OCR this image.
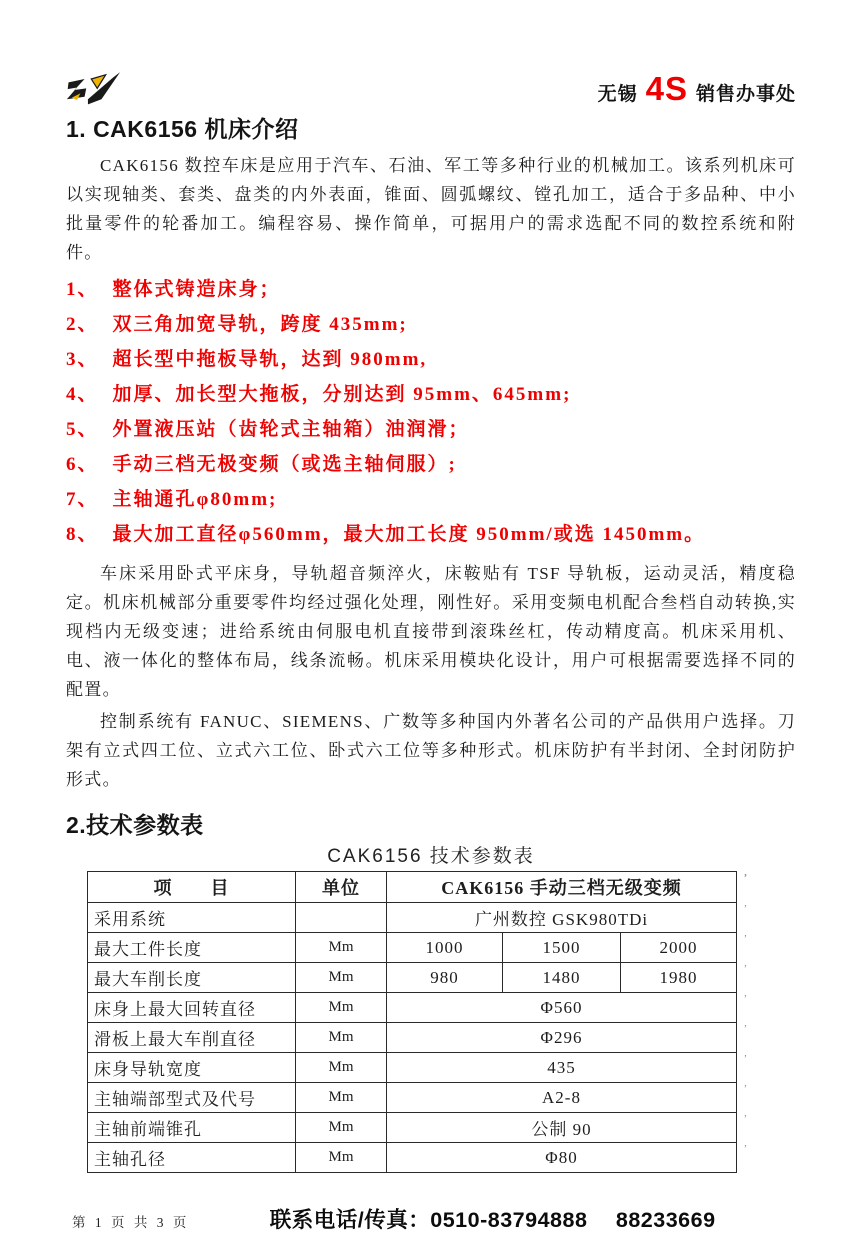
无锡 4S 销售办事处
1. CAK6156 机床介绍

CAK6156 数控车床是应用于汽车、石油、军工等多种行业的机械加工。该系列机床可以实现轴类、套类、盘类的内外表面，锥面、圆弧螺纹、镗孔加工，适合于多品种、中小批量零件的轮番加工。编程容易、操作简单，可据用户的需求选配不同的数控系统和附件。

1、 整体式铸造床身；
2、 双三角加宽导轨，跨度 435mm;
3、 超长型中拖板导轨，达到 980mm,
4、 加厚、加长型大拖板，分别达到 95mm、645mm;
5、 外置液压站（齿轮式主轴箱）油润滑；
6、 手动三档无极变频（或选主轴伺服）;
7、 主轴通孔φ80mm;
8、 最大加工直径φ560mm，最大加工长度 950mm/或选 1450mm。

车床采用卧式平床身，导轨超音频淬火，床鞍贴有 TSF 导轨板，运动灵活，精度稳定。机床机械部分重要零件均经过强化处理，刚性好。采用变频电机配合叁档自动转换,实现档内无级变速；进给系统由伺服电机直接带到滚珠丝杠，传动精度高。机床采用机、电、液一体化的整体布局，线条流畅。机床采用模块化设计，用户可根据需要选择不同的配置。

控制系统有 FANUC、SIEMENS、广数等多种国内外著名公司的产品供用户选择。刀架有立式四工位、立式六工位、卧式六工位等多种形式。机床防护有半封闭、全封闭防护形式。

2.技术参数表
CAK6156 技术参数表
项　　目	单位	CAK6156 手动三档无级变频 ʼ
采用系统		广州数控 GSK980TDi ʼ
最大工件长度	Mm	1000	1500	2000 ʼ
最大车削长度	Mm	980	1480	1980 ʼ
床身上最大回转直径	Mm	Φ560 ʼ
滑板上最大车削直径	Mm	Φ296 ʼ
床身导轨宽度	Mm	435 ʼ
主轴端部型式及代号	Mm	A2-8 ʼ
主轴前端锥孔	Mm	公制 90 ʼ
主轴孔径	Mm	Φ80 ʼ
第 1 页 共 3 页	联系电话/传真：0510-83794888　 88233669
